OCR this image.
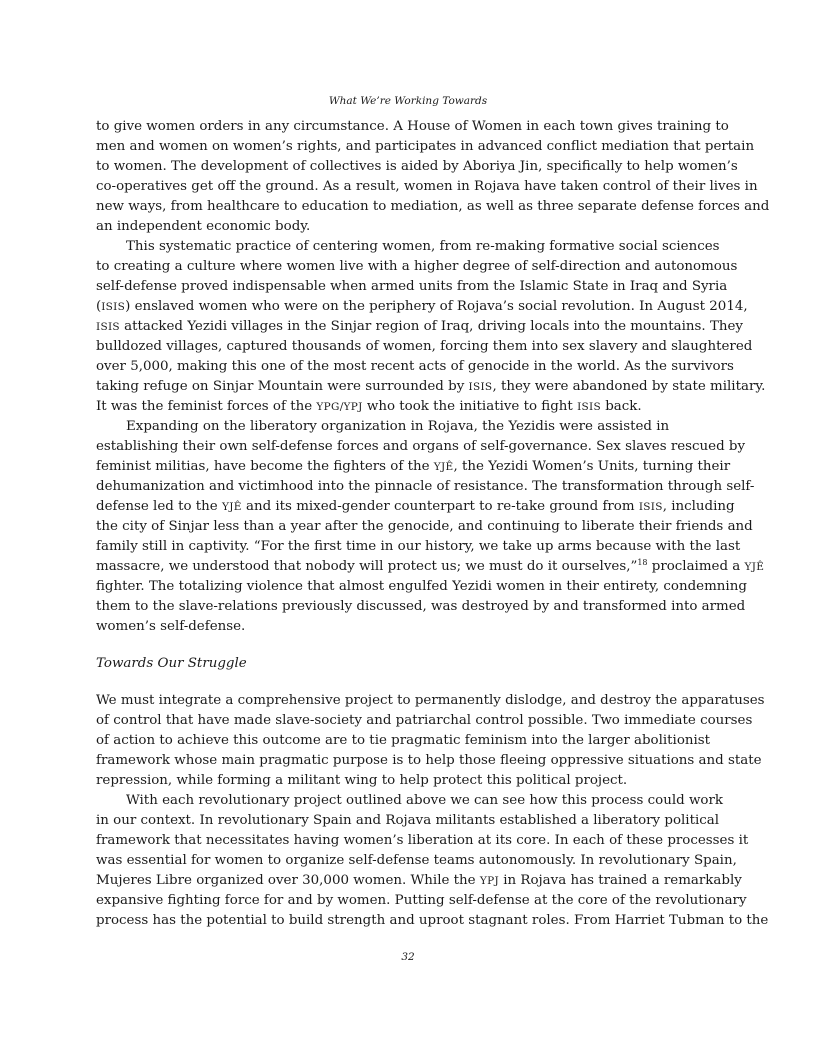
What We’re Working Towards
to give women orders in any circumstance. A House of Women in each town gives training to
men and women on women’s rights, and participates in advanced conflict mediation that pertain
to women. The development of collectives is aided by Aboriya Jin, specifically to help women’s
co-operatives get off the ground. As a result, women in Rojava have taken control of their lives in
new ways, from healthcare to education to mediation, as well as three separate defense forces and
an independent economic body.
This systematic practice of centering women, from re-making formative social sciences
to creating a culture where women live with a higher degree of self-direction and autonomous
self-defense proved indispensable when armed units from the Islamic State in Iraq and Syria
(ISIS) enslaved women who were on the periphery of Rojava’s social revolution. In August 2014,
ISIS attacked Yezidi villages in the Sinjar region of Iraq, driving locals into the mountains. They
bulldozed villages, captured thousands of women, forcing them into sex slavery and slaughtered
over 5,000, making this one of the most recent acts of genocide in the world. As the survivors
taking refuge on Sinjar Mountain were surrounded by ISIS, they were abandoned by state military.
It was the feminist forces of the YPG/YPJ who took the initiative to fight ISIS back.
Expanding on the liberatory organization in Rojava, the Yezidis were assisted in
establishing their own self-defense forces and organs of self-governance. Sex slaves rescued by
feminist militias, have become the fighters of the YJÊ, the Yezidi Women’s Units, turning their
dehumanization and victimhood into the pinnacle of resistance. The transformation through self-
defense led to the YJÊ and its mixed-gender counterpart to re-take ground from ISIS, including
the city of Sinjar less than a year after the genocide, and continuing to liberate their friends and
family still in captivity. “For the first time in our history, we take up arms because with the last
massacre, we understood that nobody will protect us; we must do it ourselves,”$^{18}$ proclaimed a YJÊ
fighter. The totalizing violence that almost engulfed Yezidi women in their entirety, condemning
them to the slave-relations previously discussed, was destroyed by and transformed into armed
women’s self-defense.
Towards Our Struggle
We must integrate a comprehensive project to permanently dislodge, and destroy the apparatuses
of control that have made slave-society and patriarchal control possible. Two immediate courses
of action to achieve this outcome are to tie pragmatic feminism into the larger abolitionist
framework whose main pragmatic purpose is to help those fleeing oppressive situations and state
repression, while forming a militant wing to help protect this political project.
With each revolutionary project outlined above we can see how this process could work
in our context. In revolutionary Spain and Rojava militants established a liberatory political
framework that necessitates having women’s liberation at its core. In each of these processes it
was essential for women to organize self-defense teams autonomously. In revolutionary Spain,
Mujeres Libre organized over 30,000 women. While the YPJ in Rojava has trained a remarkably
expansive fighting force for and by women. Putting self-defense at the core of the revolutionary
process has the potential to build strength and uproot stagnant roles. From Harriet Tubman to the
32
